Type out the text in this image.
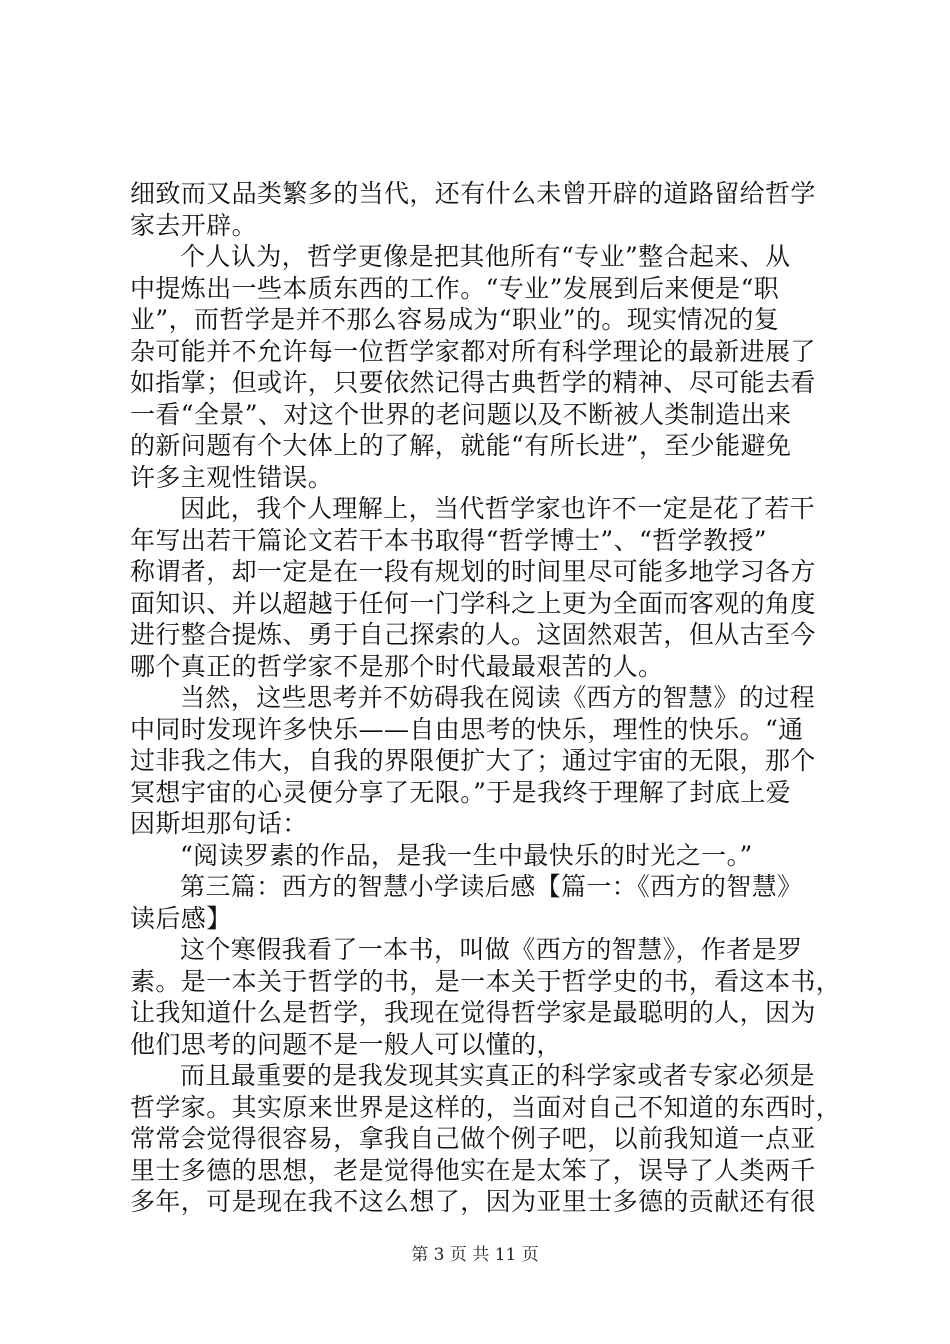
细致而又品类繁多的当代，还有什么未曾开辟的道路留给哲学
家去开辟。
个人认为，哲学更像是把其他所有“专业”整合起来、从
中提炼出一些本质东西的工作。“专业”发展到后来便是“职
业”，而哲学是并不那么容易成为“职业”的。现实情况的复
杂可能并不允许每一位哲学家都对所有科学理论的最新进展了
如指掌；但或许，只要依然记得古典哲学的精神、尽可能去看
一看“全景”、对这个世界的老问题以及不断被人类制造出来
的新问题有个大体上的了解，就能“有所长进”，至少能避免
许多主观性错误。
因此，我个人理解上，当代哲学家也许不一定是花了若干
年写出若干篇论文若干本书取得“哲学博士”、“哲学教授”
称谓者，却一定是在一段有规划的时间里尽可能多地学习各方
面知识、并以超越于任何一门学科之上更为全面而客观的角度
进行整合提炼、勇于自己探索的人。这固然艰苦，但从古至今
哪个真正的哲学家不是那个时代最最艰苦的人。
当然，这些思考并不妨碍我在阅读《西方的智慧》的过程
中同时发现许多快乐——自由思考的快乐，理性的快乐。“通
过非我之伟大，自我的界限便扩大了；通过宇宙的无限，那个
冥想宇宙的心灵便分享了无限。”于是我终于理解了封底上爱
因斯坦那句话：
“阅读罗素的作品，是我一生中最快乐的时光之一。”
第三篇：西方的智慧小学读后感【篇一：《西方的智慧》
读后感】
这个寒假我看了一本书，叫做《西方的智慧》，作者是罗
素。是一本关于哲学的书，是一本关于哲学史的书，看这本书，
让我知道什么是哲学，我现在觉得哲学家是最聪明的人，因为
他们思考的问题不是一般人可以懂的，
而且最重要的是我发现其实真正的科学家或者专家必须是
哲学家。其实原来世界是这样的，当面对自己不知道的东西时，
常常会觉得很容易，拿我自己做个例子吧，以前我知道一点亚
里士多德的思想，老是觉得他实在是太笨了，误导了人类两千
多年，可是现在我不这么想了，因为亚里士多德的贡献还有很
第 3 页 共 11 页
